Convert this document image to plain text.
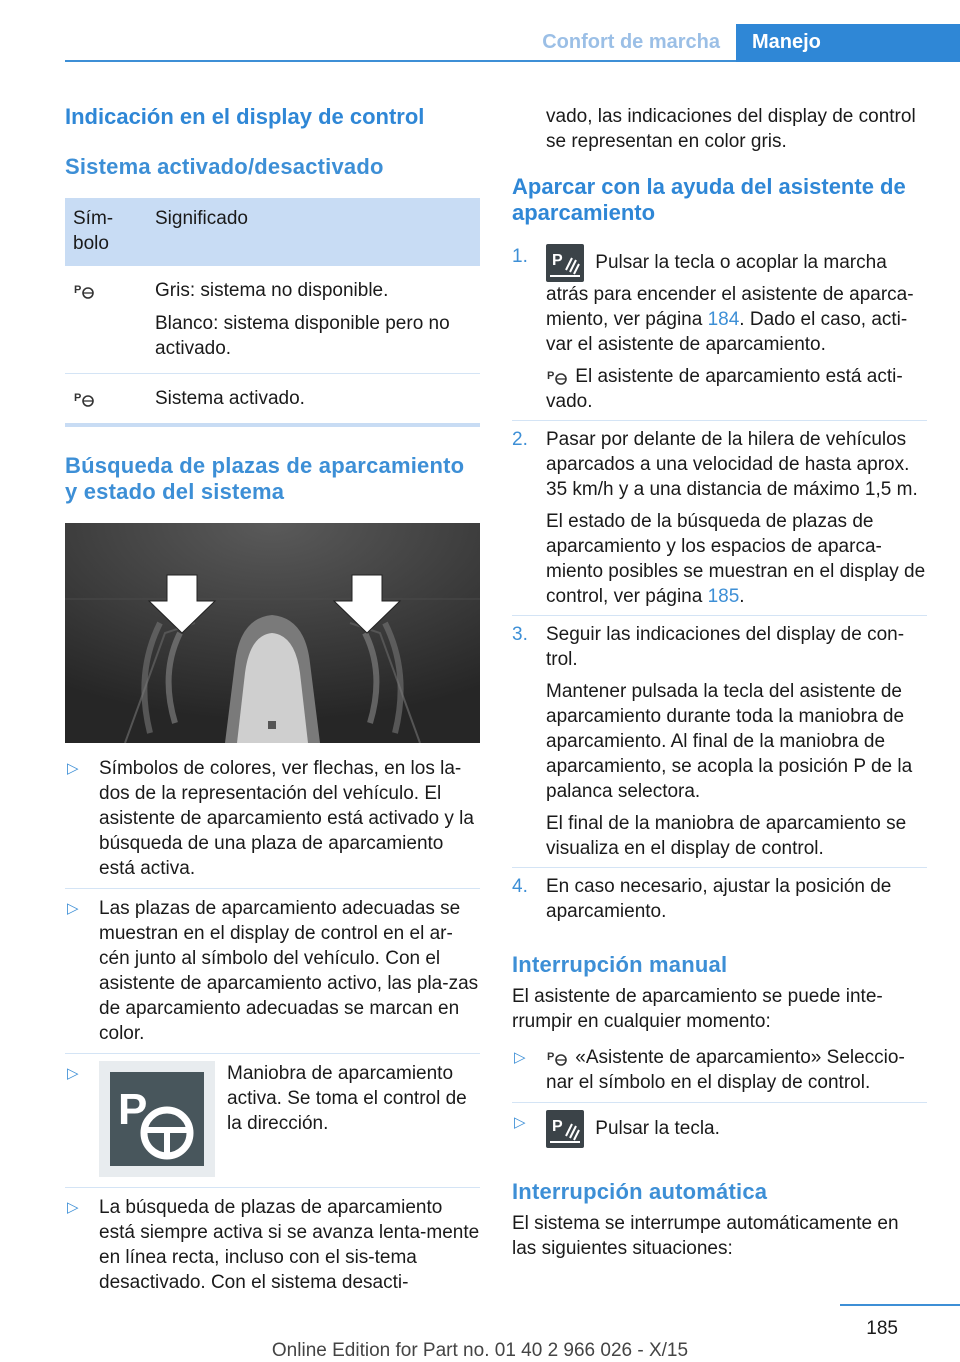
Confort de marcha	Manejo
Indicación en el display de control
Sistema activado/desactivado
Sím-bolo	Significado

P	Gris: sistema no disponible.

Blanco: sistema disponible pero no activado.

P	Sistema activado.
Búsqueda de plazas de aparcamiento y estado del sistema
▷ Símbolos de colores, ver flechas, en los la-dos de la representación del vehículo. El asistente de aparcamiento está activado y la búsqueda de una plaza de aparcamiento está activa.
▷ Las plazas de aparcamiento adecuadas se muestran en el display de control en el ar-cén junto al símbolo del vehículo. Con el asistente de aparcamiento activo, las pla-zas de aparcamiento adecuadas se marcan en color.
▷
P
Maniobra de aparcamiento activa. Se toma el control de la dirección.
▷ La búsqueda de plazas de aparcamiento está siempre activa si se avanza lenta-mente en línea recta, incluso con el sis-tema desactivado. Con el sistema desacti-

vado, las indicaciones del display de control se representan en color gris.

Aparcar con la ayuda del asistente de aparcamiento
1. P Pulsar la tecla o acoplar la marcha atrás para encender el asistente de aparca-miento, ver página 184. Dado el caso, acti-var el asistente de aparcamiento.

P El asistente de aparcamiento está acti-vado.

2. Pasar por delante de la hilera de vehículos aparcados a una velocidad de hasta aprox. 35 km/h y a una distancia de máximo 1,5 m.

El estado de la búsqueda de plazas de aparcamiento y los espacios de aparca-miento posibles se muestran en el display de control, ver página 185.

3. Seguir las indicaciones del display de con-trol.

Mantener pulsada la tecla del asistente de aparcamiento durante toda la maniobra de aparcamiento. Al final de la maniobra de aparcamiento, se acopla la posición P de la palanca selectora.

El final de la maniobra de aparcamiento se visualiza en el display de control.

4. En caso necesario, ajustar la posición de aparcamiento.

Interrupción manual

El asistente de aparcamiento se puede inte-rrumpir en cualquier momento:

▷ P «Asistente de aparcamiento» Seleccio-nar el símbolo en el display de control.
▷ P Pulsar la tecla.
Interrupción automática

El sistema se interrumpe automáticamente en las siguientes situaciones:

185
Online Edition for Part no. 01 40 2 966 026 - X/15
